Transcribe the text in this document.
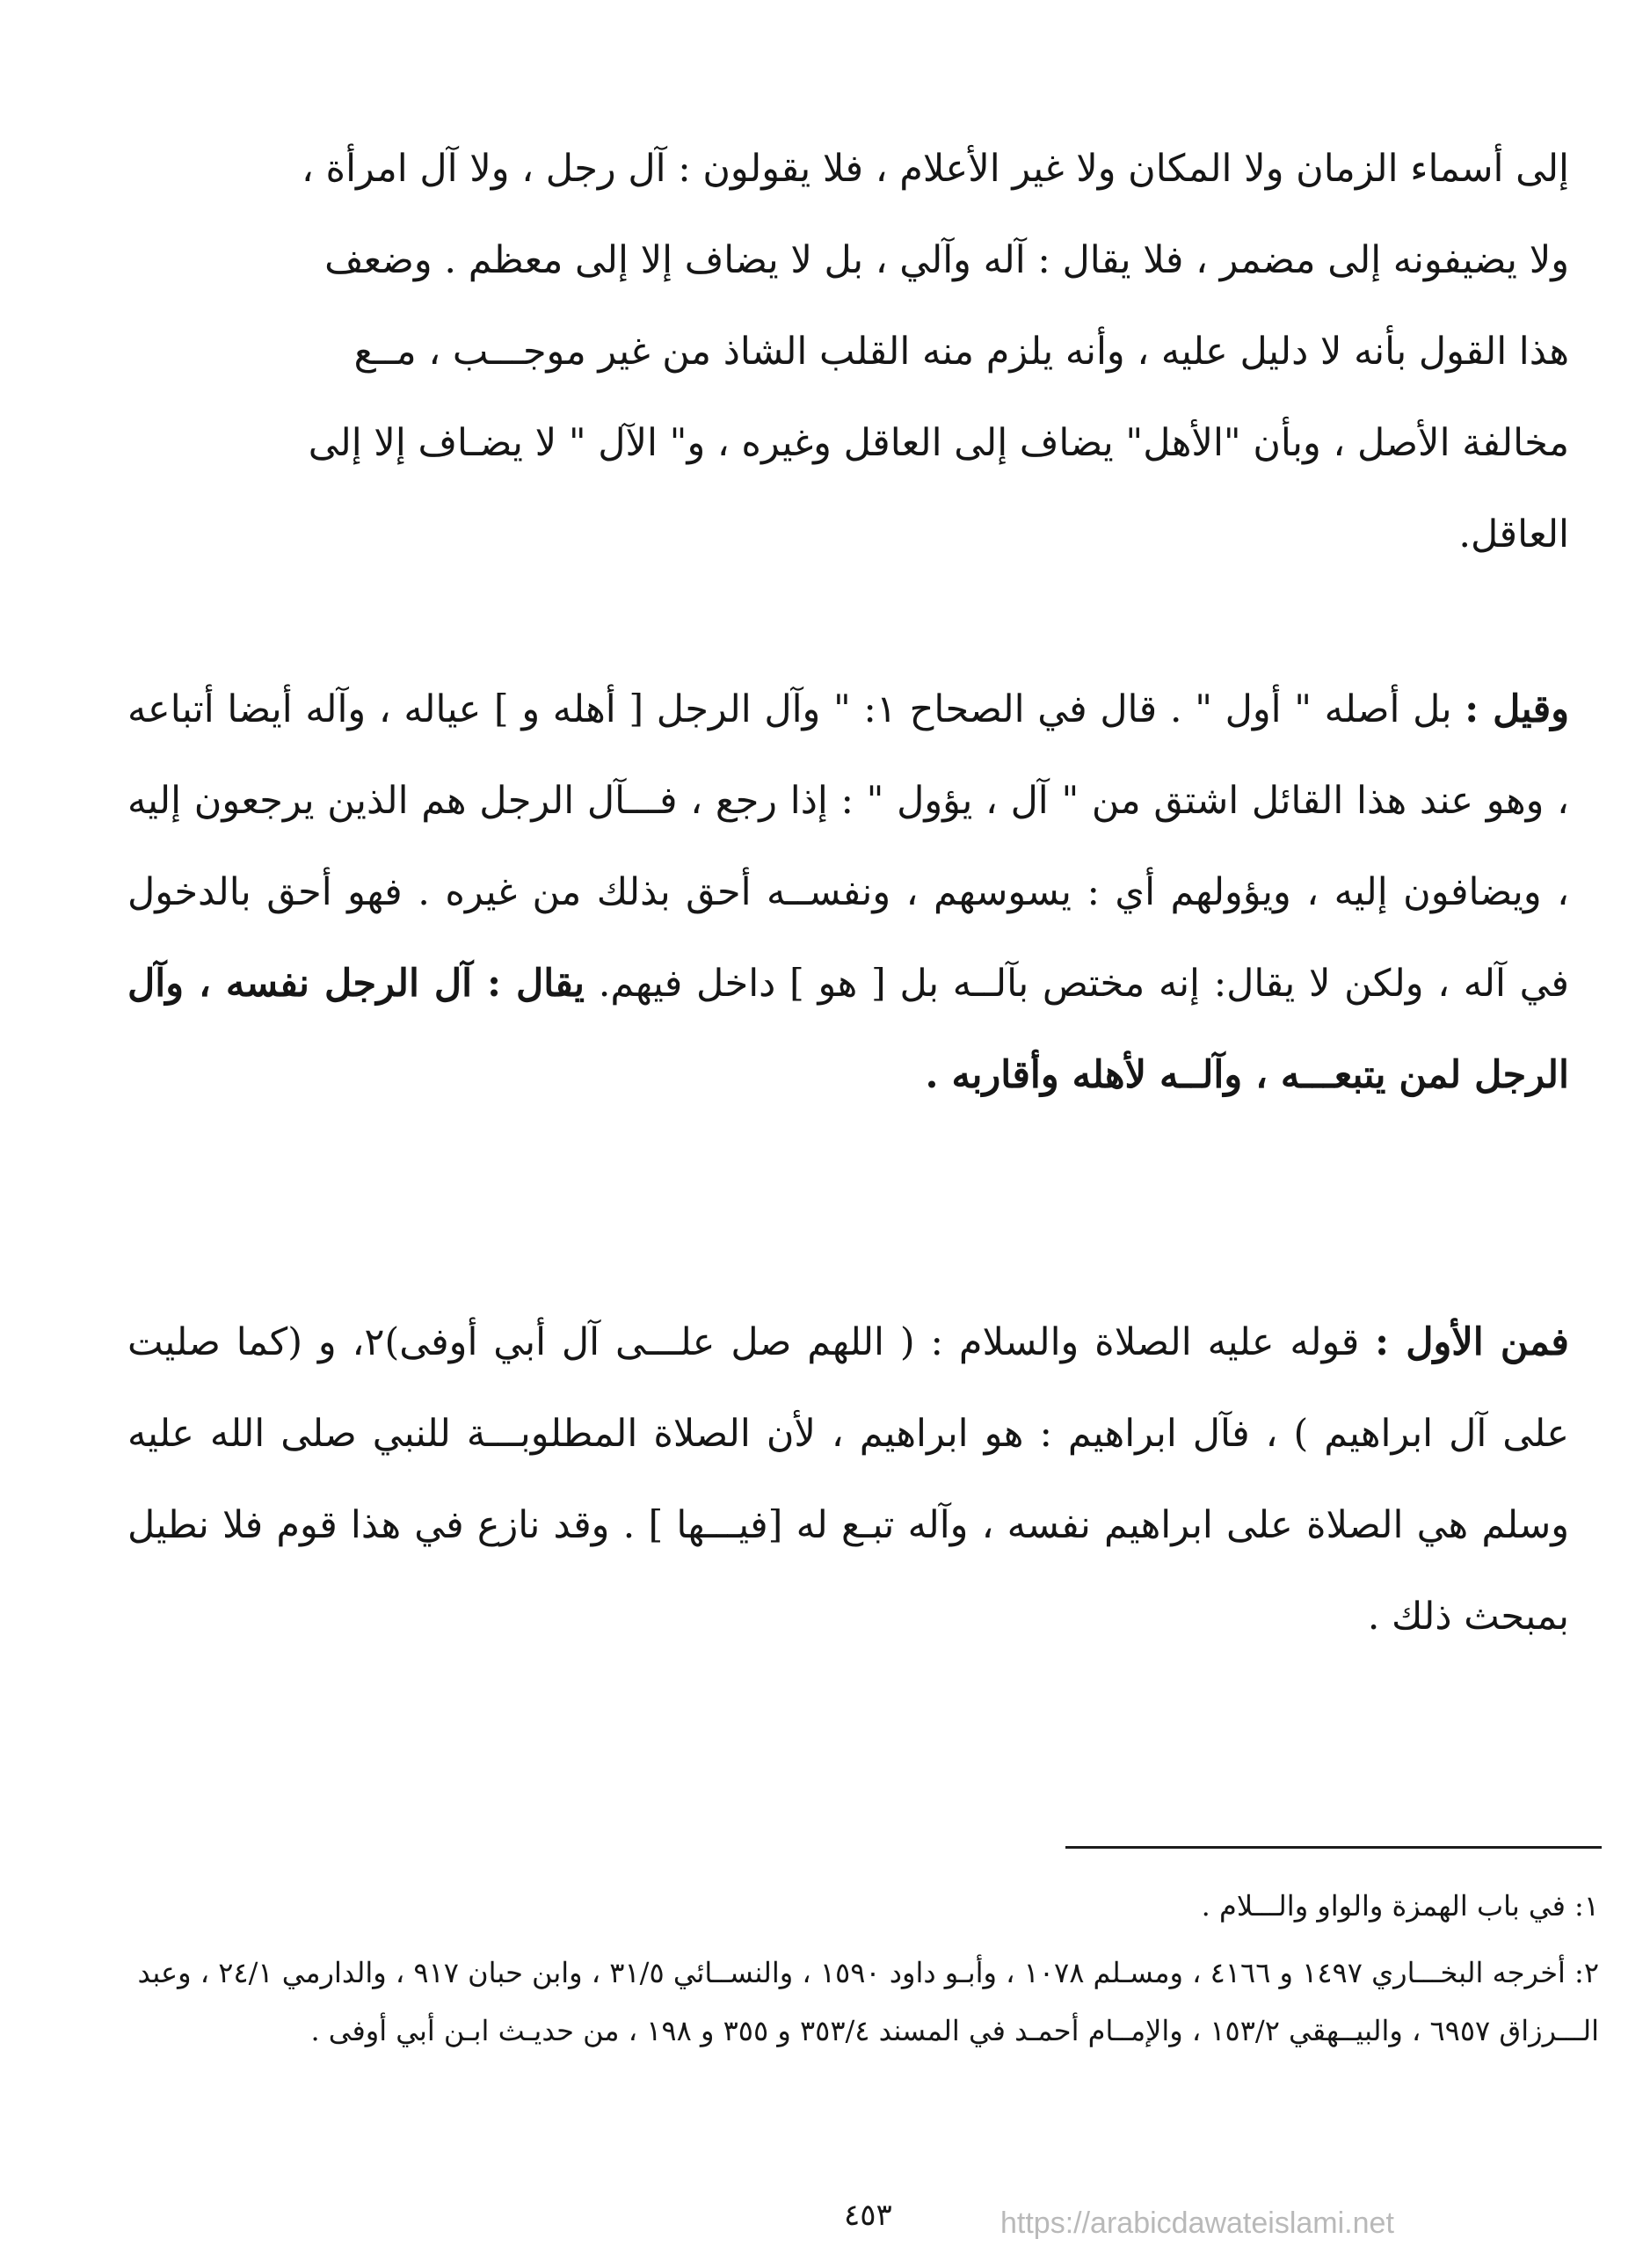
إلى أسماء الزمان ولا المكان ولا غير الأعلام ، فلا يقولون : آل رجل ، ولا آل امرأة ،
ولا يضيفونه إلى مضمر ، فلا يقال : آله وآلي ، بل لا يضاف إلا إلى معظم . وضعف
هذا القول بأنه لا دليل عليه ، وأنه يلزم منه القلب الشاذ من غير موجـــب ، مــع
مخالفة الأصل ، وبأن "الأهل" يضاف إلى العاقل وغيره ، و" الآل " لا يضـاف إلا إلى
العاقل.

وقيل : بل أصله " أول " . قال في الصحاح ١: " وآل الرجل [ أهله و ] عياله ، وآله أيضا أتباعه ، وهو عند هذا القائل اشتق من " آل ، يؤول " : إذا رجع ، فـــآل الرجل هم الذين يرجعون إليه ، ويضافون إليه ، ويؤولهم أي : يسوسهم ، ونفســه أحق بذلك من غيره . فهو أحق بالدخول في آله ، ولكن لا يقال: إنه مختص بآلــه بل [ هو ] داخل فيهم. يقال : آل الرجل نفسه ، وآل الرجل لمن يتبعـــه ، وآلــه لأهله وأقاربه .

فمن الأول : قوله عليه الصلاة والسلام : ( اللهم صل علـــى آل أبي أوفى)٢، و (كما صليت على آل ابراهيم ) ، فآل ابراهيم : هو ابراهيم ، لأن الصلاة المطلوبـــة للنبي صلى الله عليه وسلم هي الصلاة على ابراهيم نفسه ، وآله تبـع له [فيـــها ] . وقد نازع في هذا قوم فلا نطيل بمبحث ذلك .

١: في باب الهمزة والواو والـــلام .

٢: أخرجه البخـــاري ١٤٩٧ و ٤١٦٦ ، ومسـلم ١٠٧٨ ، وأبـو داود ١٥٩٠ ، والنســائي ٣١/٥ ، وابن حبان ٩١٧ ، والدارمي ٢٤/١ ، وعبد الـــرزاق ٦٩٥٧ ، والبيــهقي ١٥٣/٢ ، والإمــام أحمـد في المسند ٣٥٣/٤ و ٣٥٥ و ١٩٨ ، من حديـث ابـن أبي أوفى .

٤٥٣	https://arabicdawateislami.net
